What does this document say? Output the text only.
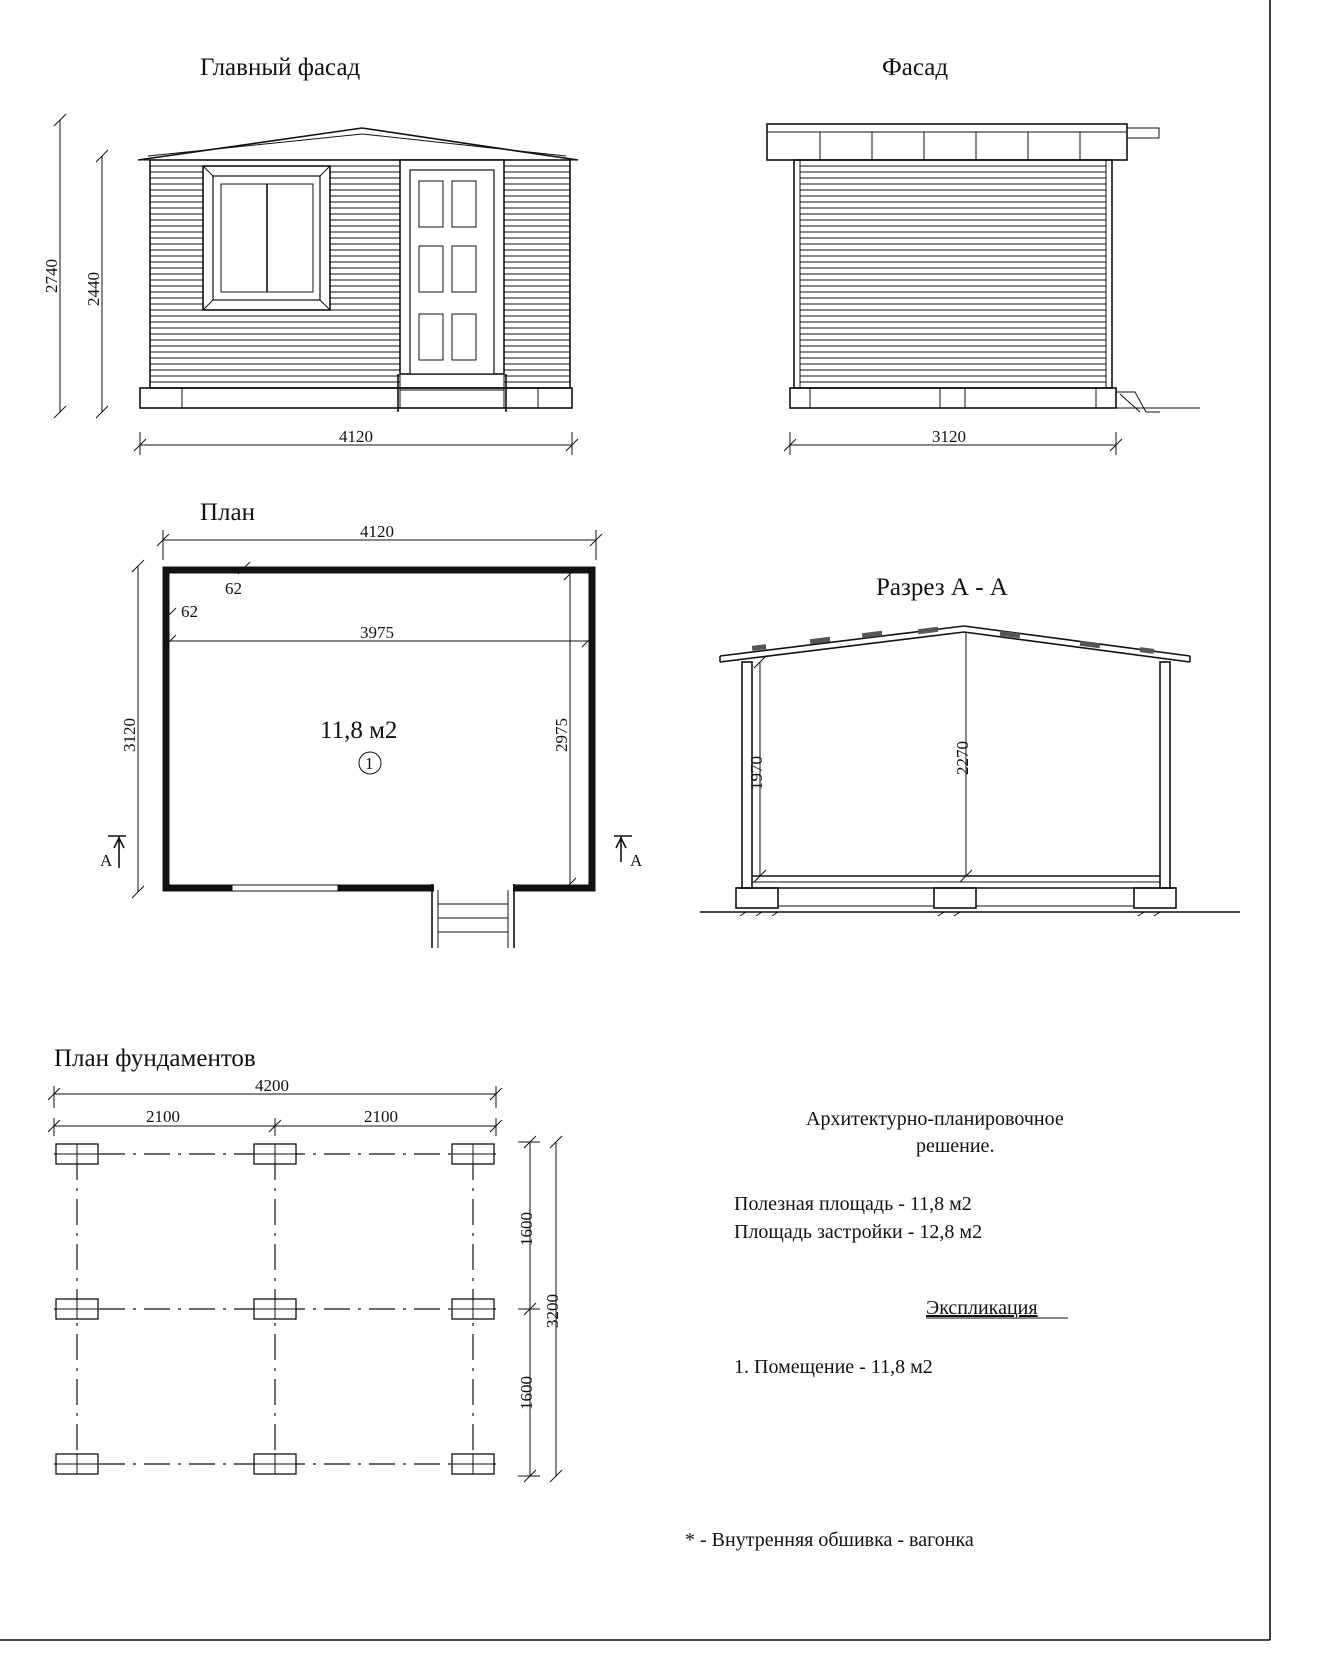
Главный фасад
4120
2740 2440
Фасад
3120
План
4120
62
62
3975
3120	2975
11,8 м2
1
А	А
Разрез А - А
1970	2270
План фундаментов
4200
2100	2100
1600
1600
3200
Архитектурно-планировочное
решение.
Полезная площадь - 11,8 м2
Площадь застройки - 12,8 м2
Экспликация
1. Помещение - 11,8 м2
* - Внутренняя обшивка - вагонка
